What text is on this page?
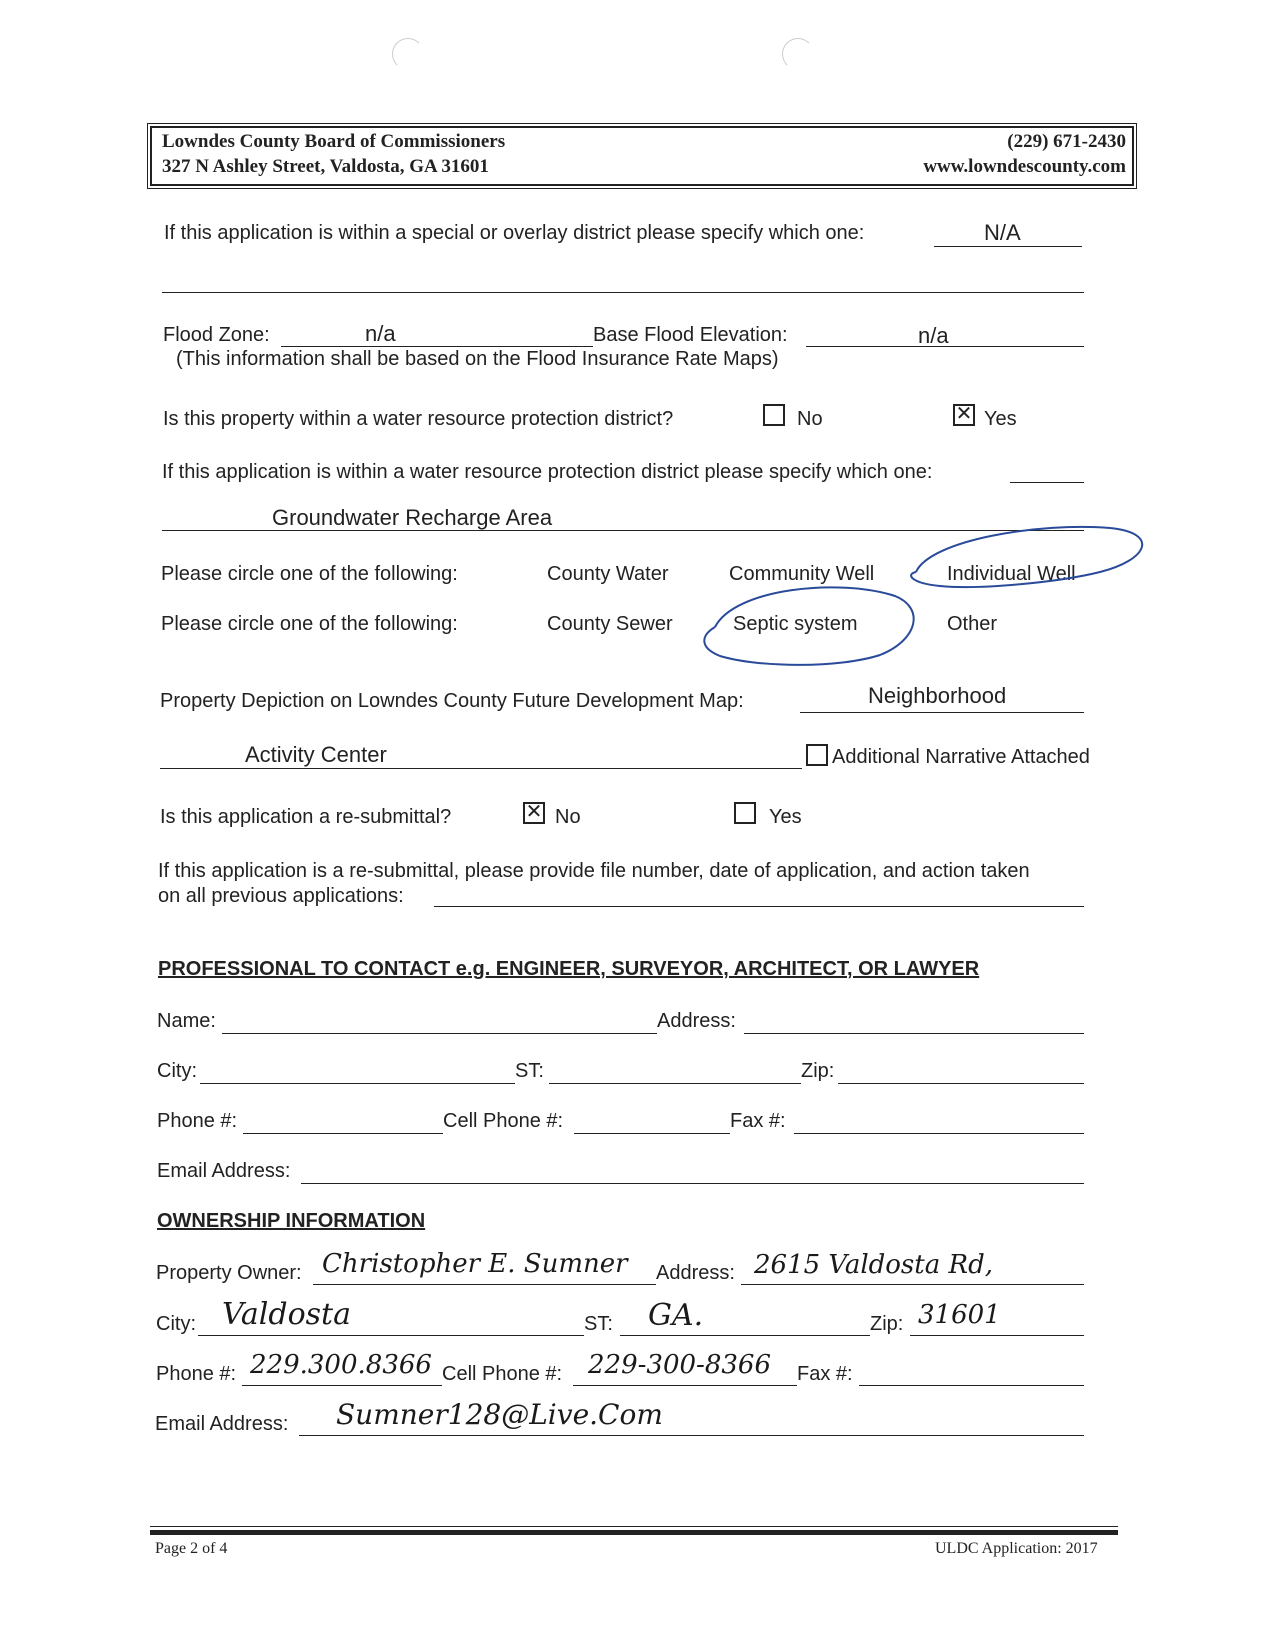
Lowndes County Board of Commissioners
327 N Ashley Street, Valdosta, GA 31601
(229) 671-2430
www.lowndescounty.com
If this application is within a special or overlay district please specify which one:	N/A
Flood Zone:	n/a	Base Flood Elevation:	n/a
(This information shall be based on the Flood Insurance Rate Maps)
Is this property within a water resource protection district?	No ✕	Yes
If this application is within a water resource protection district please specify which one:
Groundwater Recharge Area
Please circle one of the following:	County Water	Community Well	Individual Well
Please circle one of the following:	County Sewer	Septic system	Other
Property Depiction on Lowndes County Future Development Map:	Neighborhood
Activity Center	Additional Narrative Attached
Is this application a re-submittal? ✕	No	Yes
If this application is a re-submittal, please provide file number, date of application, and action taken
on all previous applications:
PROFESSIONAL TO CONTACT e.g. ENGINEER, SURVEYOR, ARCHITECT, OR LAWYER
Name:	Address:
City:	ST:	Zip:
Phone #:	Cell Phone #:	Fax #:
Email Address:
OWNERSHIP INFORMATION
Property Owner: Christopher E. Sumner Address: 2615 Valdosta Rd,
City: Valdosta	ST: GA.	Zip: 31601
Phone #: 229.300.8366 Cell Phone #: 229-300-8366 Fax #:
Email Address: Sumner128@Live.Com
Page 2 of 4	ULDC Application: 2017
